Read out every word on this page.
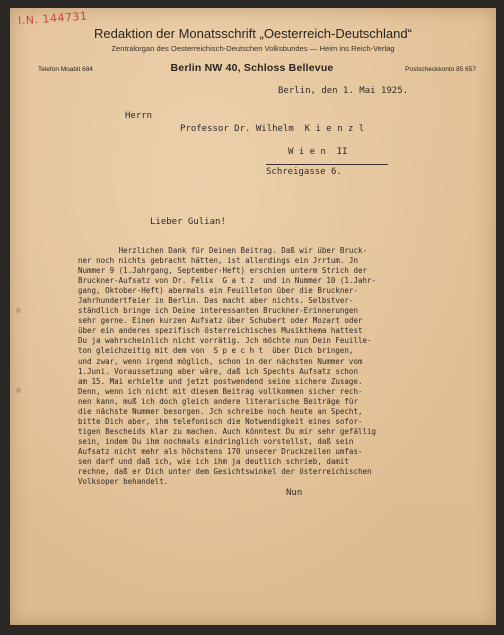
I.N. 144731
Redaktion der Monatsschrift „Oesterreich-Deutschland“
Zentralorgan des Oesterreichisch-Deutschen Volksbundes — Heim ins Reich-Verlag
Telefon Moabit 684	Berlin NW 40, Schloss Bellevue	Postscheckkonto 85 657
Berlin, den 1. Mai 1925.
Herrn
Professor Dr. Wilhelm  K i e n z l
W i e n  II
Schreigasse 6.
Lieber Gulian!
Herzlichen Dank für Deinen Beitrag. Daß wir über Bruck-
ner noch nichts gebracht hätten, ist allerdings ein Jrrtum. Jn
Nummer 9 (1.Jahrgang, September-Heft) erschien unterm Strich der
Bruckner-Aufsatz von Dr. Felix  G a t z  und in Nummer 10 (1.Jahr-
gang, Oktober-Heft) abermals ein Feuilleton über die Bruckner-
Jahrhundertfeier in Berlin. Das macht aber nichts. Selbstver-
ständlich bringe ich Deine interessanten Bruckner-Erinnerungen
sehr gerne. Einen kurzen Aufsatz über Schubert oder Mozart oder
über ein anderes spezifisch österreichisches Musikthema hattest
Du ja wahrscheinlich nicht vorrätig. Jch möchte nun Dein Feuille-
ton gleichzeitig mit dem von  S p e c h t  über Dich bringen,
und zwar, wenn irgend möglich, schon in der nächsten Nummer vom
1.Juni. Voraussetzung aber wäre, daß ich Spechts Aufsatz schon
am 15. Mai erhielte und jetzt postwendend seine sichere Zusage.
Denn, wenn ich nicht mit diesem Beitrag vollkommen sicher rech-
nen kann, muß ich doch gleich andere literarische Beiträge für
die nächste Nummer besorgen. Jch schreibe noch heute an Specht,
bitte Dich aber, ihm telefonisch die Notwendigkeit eines sofor-
tigen Bescheids klar zu machen. Auch könntest Du mir sehr gefällig
sein, indem Du ihm nochmals eindringlich vorstellst, daß sein
Aufsatz nicht mehr als höchstens 170 unserer Druckzeilen umfas-
sen darf und daß ich, wie ich ihm ja deutlich schrieb, damit
rechne, daß er Dich unter dem Gesichtswinkel der österreichischen
Volksoper behandelt.
Nun
